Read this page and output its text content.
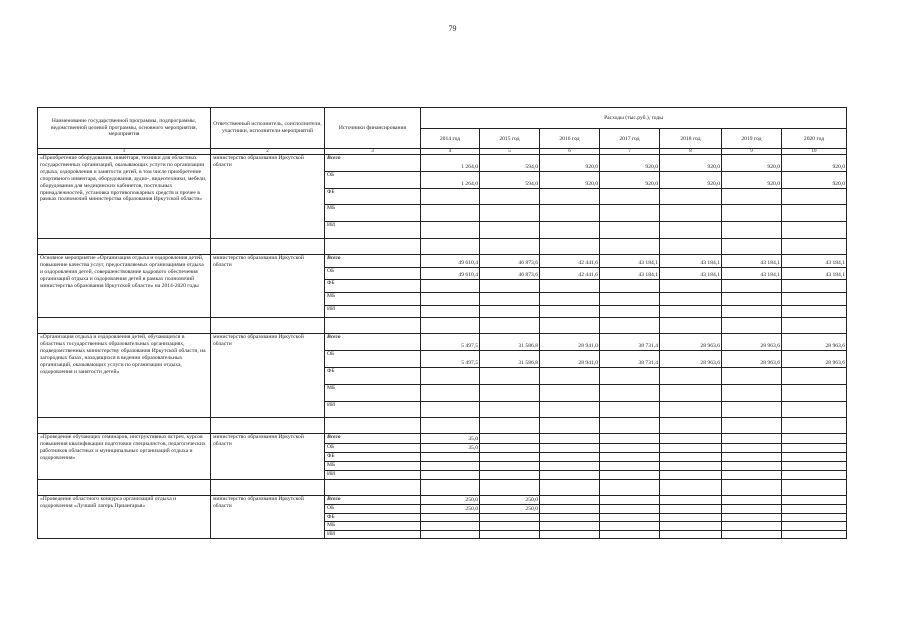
79
Наименование государственной программы, подпрограммы, ведомственной целевой программы, основного мероприятия, мероприятия	Ответственный исполнитель, соисполнители, участники, исполнители мероприятий	Источники финансирования	Расходы (тыс.руб.), годы						
			2014 год	2015 год	2016 год	2017 год	2018 год	2019 год	2020 год
1	2	3	4	5	6	7	8	9	10
«Приобретение оборудования, инвентаря, техники для областных государственных организаций, оказывающих услуги по организации отдыха, оздоровления и занятости детей, в том числе приобретение спортивного инвентаря, оборудования, аудио-, видеотехники, мебели, оборудования для медицинских кабинетов, постельных принадлежностей, установка противопожарных средств и прочее в рамках полномочий министерства образования Иркутской области»	министерство образования Иркутской области	Всего	1 264,0	594,0	920,0	920,0	920,0	920,0	920,0
		ОБ	1 264,0	594,0	920,0	920,0	920,0	920,0	920,0
		ФБ							
		МБ							
		ИИ							

Основное мероприятие «Организация отдыха и оздоровления детей, повышение качества услуг, предоставляемых организациями отдыха и оздоровления детей, совершенствование кадрового обеспечения организаций отдыха и оздоровления детей в рамках полномочий министерства образования Иркутской области» на 2014-2020 годы	министерство образования Иркутской области	Всего	49 610,4	46 873,6	42 441,6	43 184,1	43 184,1	43 184,1	43 184,1
		ОБ	49 610,4	46 873,6	42 441,6	43 184,1	43 184,1	43 184,1	43 184,1
		ФБ							
		МБ							
		ИИ							

«Организация отдыха и оздоровления детей, обучающихся в областных государственных образовательных организациях, подведомственных министерству образования Иркутской области, на загородных базах, находящихся в ведении образовательных организаций, оказывающих услуги по организации отдыха, оздоровления и занятости детей»	министерство образования Иркутской области	Всего	5 497,5	31 586,8	28 941,0	38 731,4	28 963,6	28 963,6	28 963,6
		ОБ	5 497,5	31 586,8	28 941,0	38 731,4	28 963,6	28 963,6	28 963,6
		ФБ							
		МБ							
		ИИ							

«Проведение обучающих семинаров, инструктивных встреч, курсов повышения квалификации подготовки специалистов, педагогических работников областных и муниципальных организаций отдыха и оздоровления»	министерство образования Иркутской области	Всего	35,0						
		ОБ	35,0						
		ФБ							
		МБ							
		ИИ							

«Проведение областного конкурса организаций отдыха и оздоровления «Лучший лагерь Приангарья»	министерство образования Иркутской области	Всего	250,0	250,0					
		ОБ	250,0	250,0					
		ФБ							
		МБ							
		ИИ							
